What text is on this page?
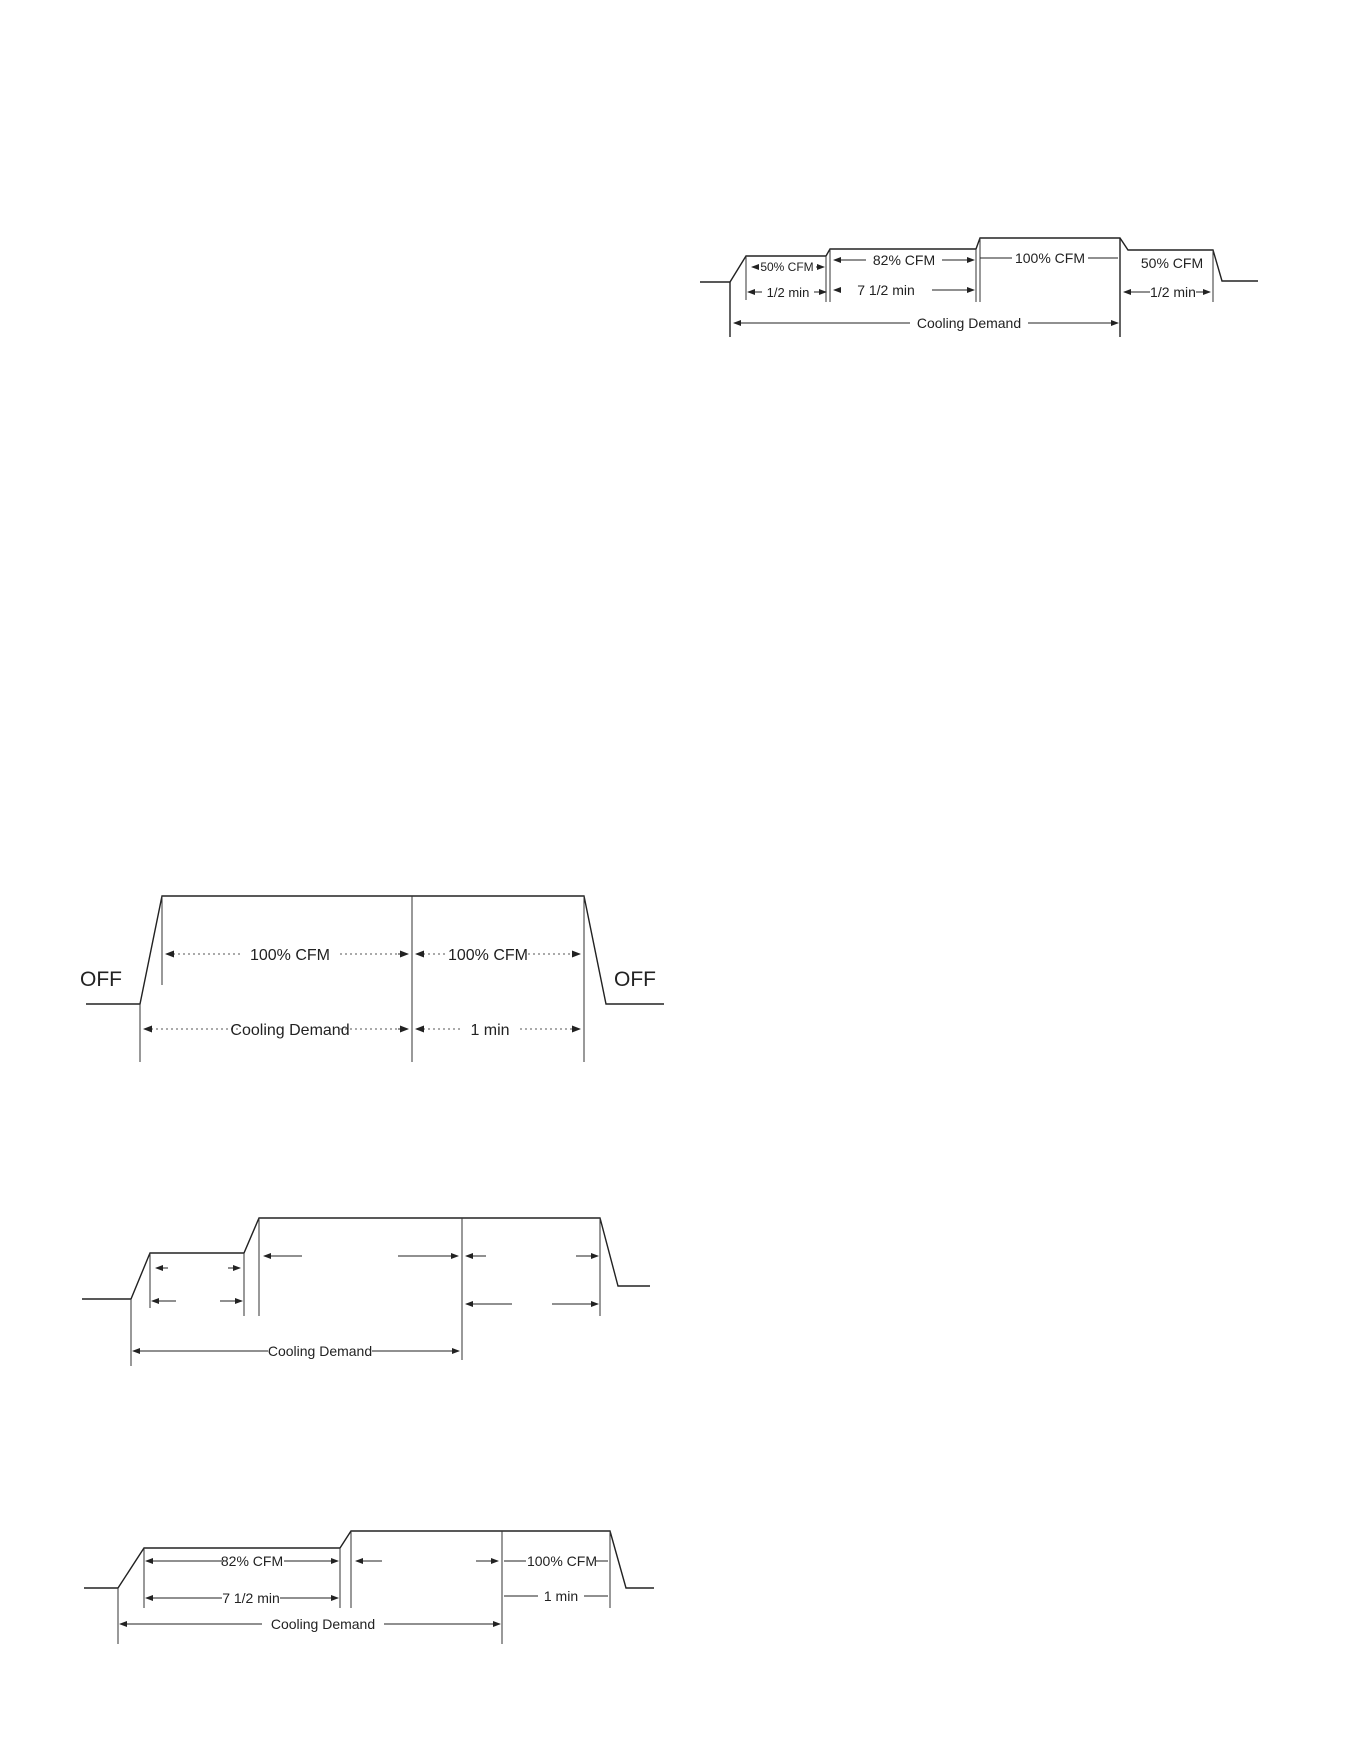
50% CFM
1/2 min
82% CFM
7 1/2 min
100% CFM	50% CFM
1/2 min
Cooling Demand
OFF	OFF
100% CFM	100% CFM
Cooling Demand	1 min
Cooling Demand
82% CFM
7 1/2 min
100% CFM
1 min
Cooling Demand
